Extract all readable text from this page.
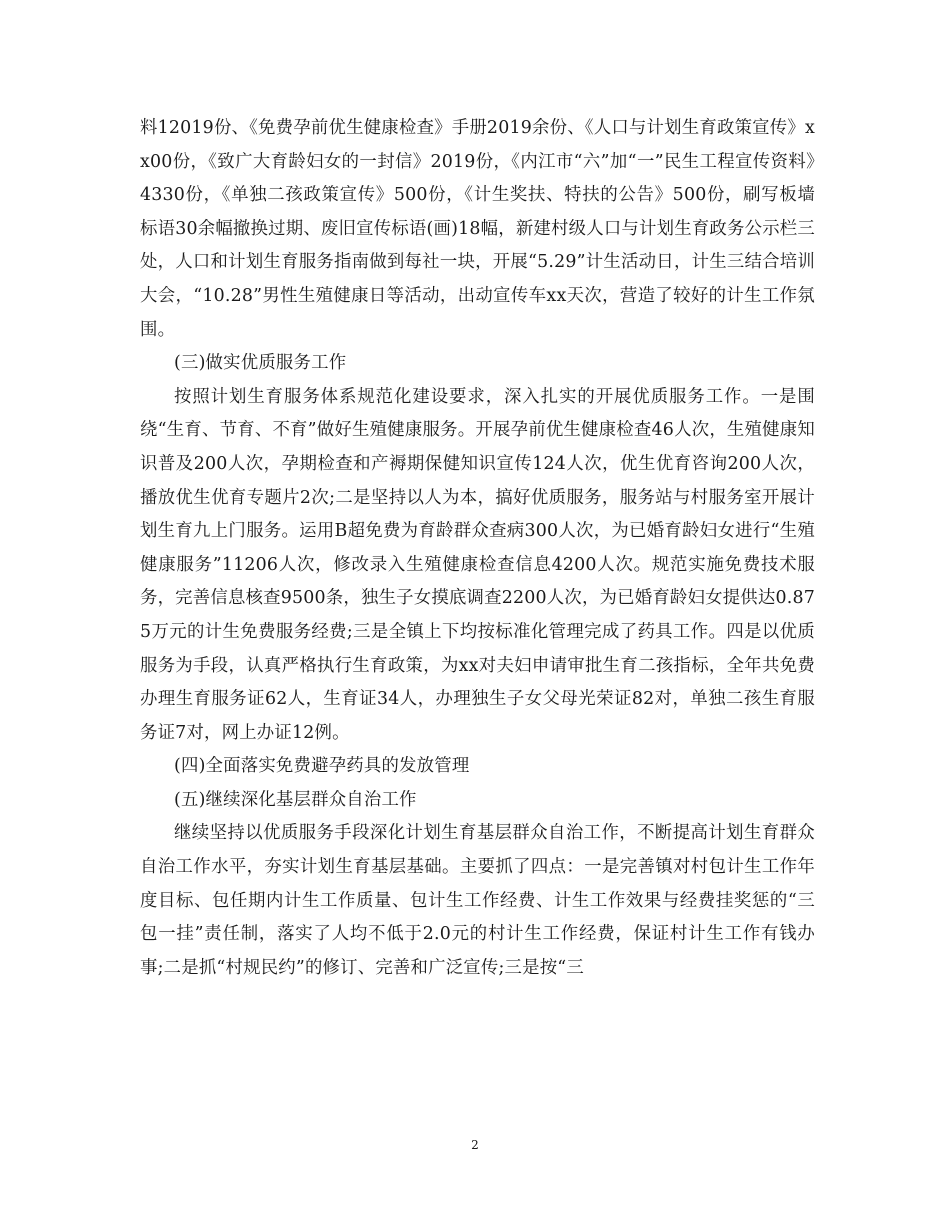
料12019份、《免费孕前优生健康检查》手册2019余份、《人口与计划生育政策宣传》xx00份，《致广大育龄妇女的一封信》2019份，《内江市“六”加“一”民生工程宣传资料》4330份，《单独二孩政策宣传》500份，《计生奖扶、特扶的公告》500份，刷写板墙标语30余幅撤换过期、废旧宣传标语(画)18幅，新建村级人口与计划生育政务公示栏三处，人口和计划生育服务指南做到每社一块，开展“5.29”计生活动日，计生三结合培训大会，“10.28”男性生殖健康日等活动，出动宣传车xx天次，营造了较好的计生工作氛围。

(三)做实优质服务工作

按照计划生育服务体系规范化建设要求，深入扎实的开展优质服务工作。一是围绕“生育、节育、不育”做好生殖健康服务。开展孕前优生健康检查46人次，生殖健康知识普及200人次，孕期检查和产褥期保健知识宣传124人次，优生优育咨询200人次，播放优生优育专题片2次;二是坚持以人为本，搞好优质服务，服务站与村服务室开展计划生育九上门服务。运用B超免费为育龄群众查病300人次，为已婚育龄妇女进行“生殖健康服务”11206人次，修改录入生殖健康检查信息4200人次。规范实施免费技术服务，完善信息核查9500条，独生子女摸底调查2200人次，为已婚育龄妇女提供达0.875万元的计生免费服务经费;三是全镇上下均按标准化管理完成了药具工作。四是以优质服务为手段，认真严格执行生育政策，为xx对夫妇申请审批生育二孩指标，全年共免费办理生育服务证62人，生育证34人，办理独生子女父母光荣证82对，单独二孩生育服务证7对，网上办证12例。

(四)全面落实免费避孕药具的发放管理

(五)继续深化基层群众自治工作

继续坚持以优质服务手段深化计划生育基层群众自治工作，不断提高计划生育群众自治工作水平，夯实计划生育基层基础。主要抓了四点：一是完善镇对村包计生工作年度目标、包任期内计生工作质量、包计生工作经费、计生工作效果与经费挂奖惩的“三包一挂”责任制，落实了人均不低于2.0元的村计生工作经费，保证村计生工作有钱办事;二是抓“村规民约”的修订、完善和广泛宣传;三是按“三

2
